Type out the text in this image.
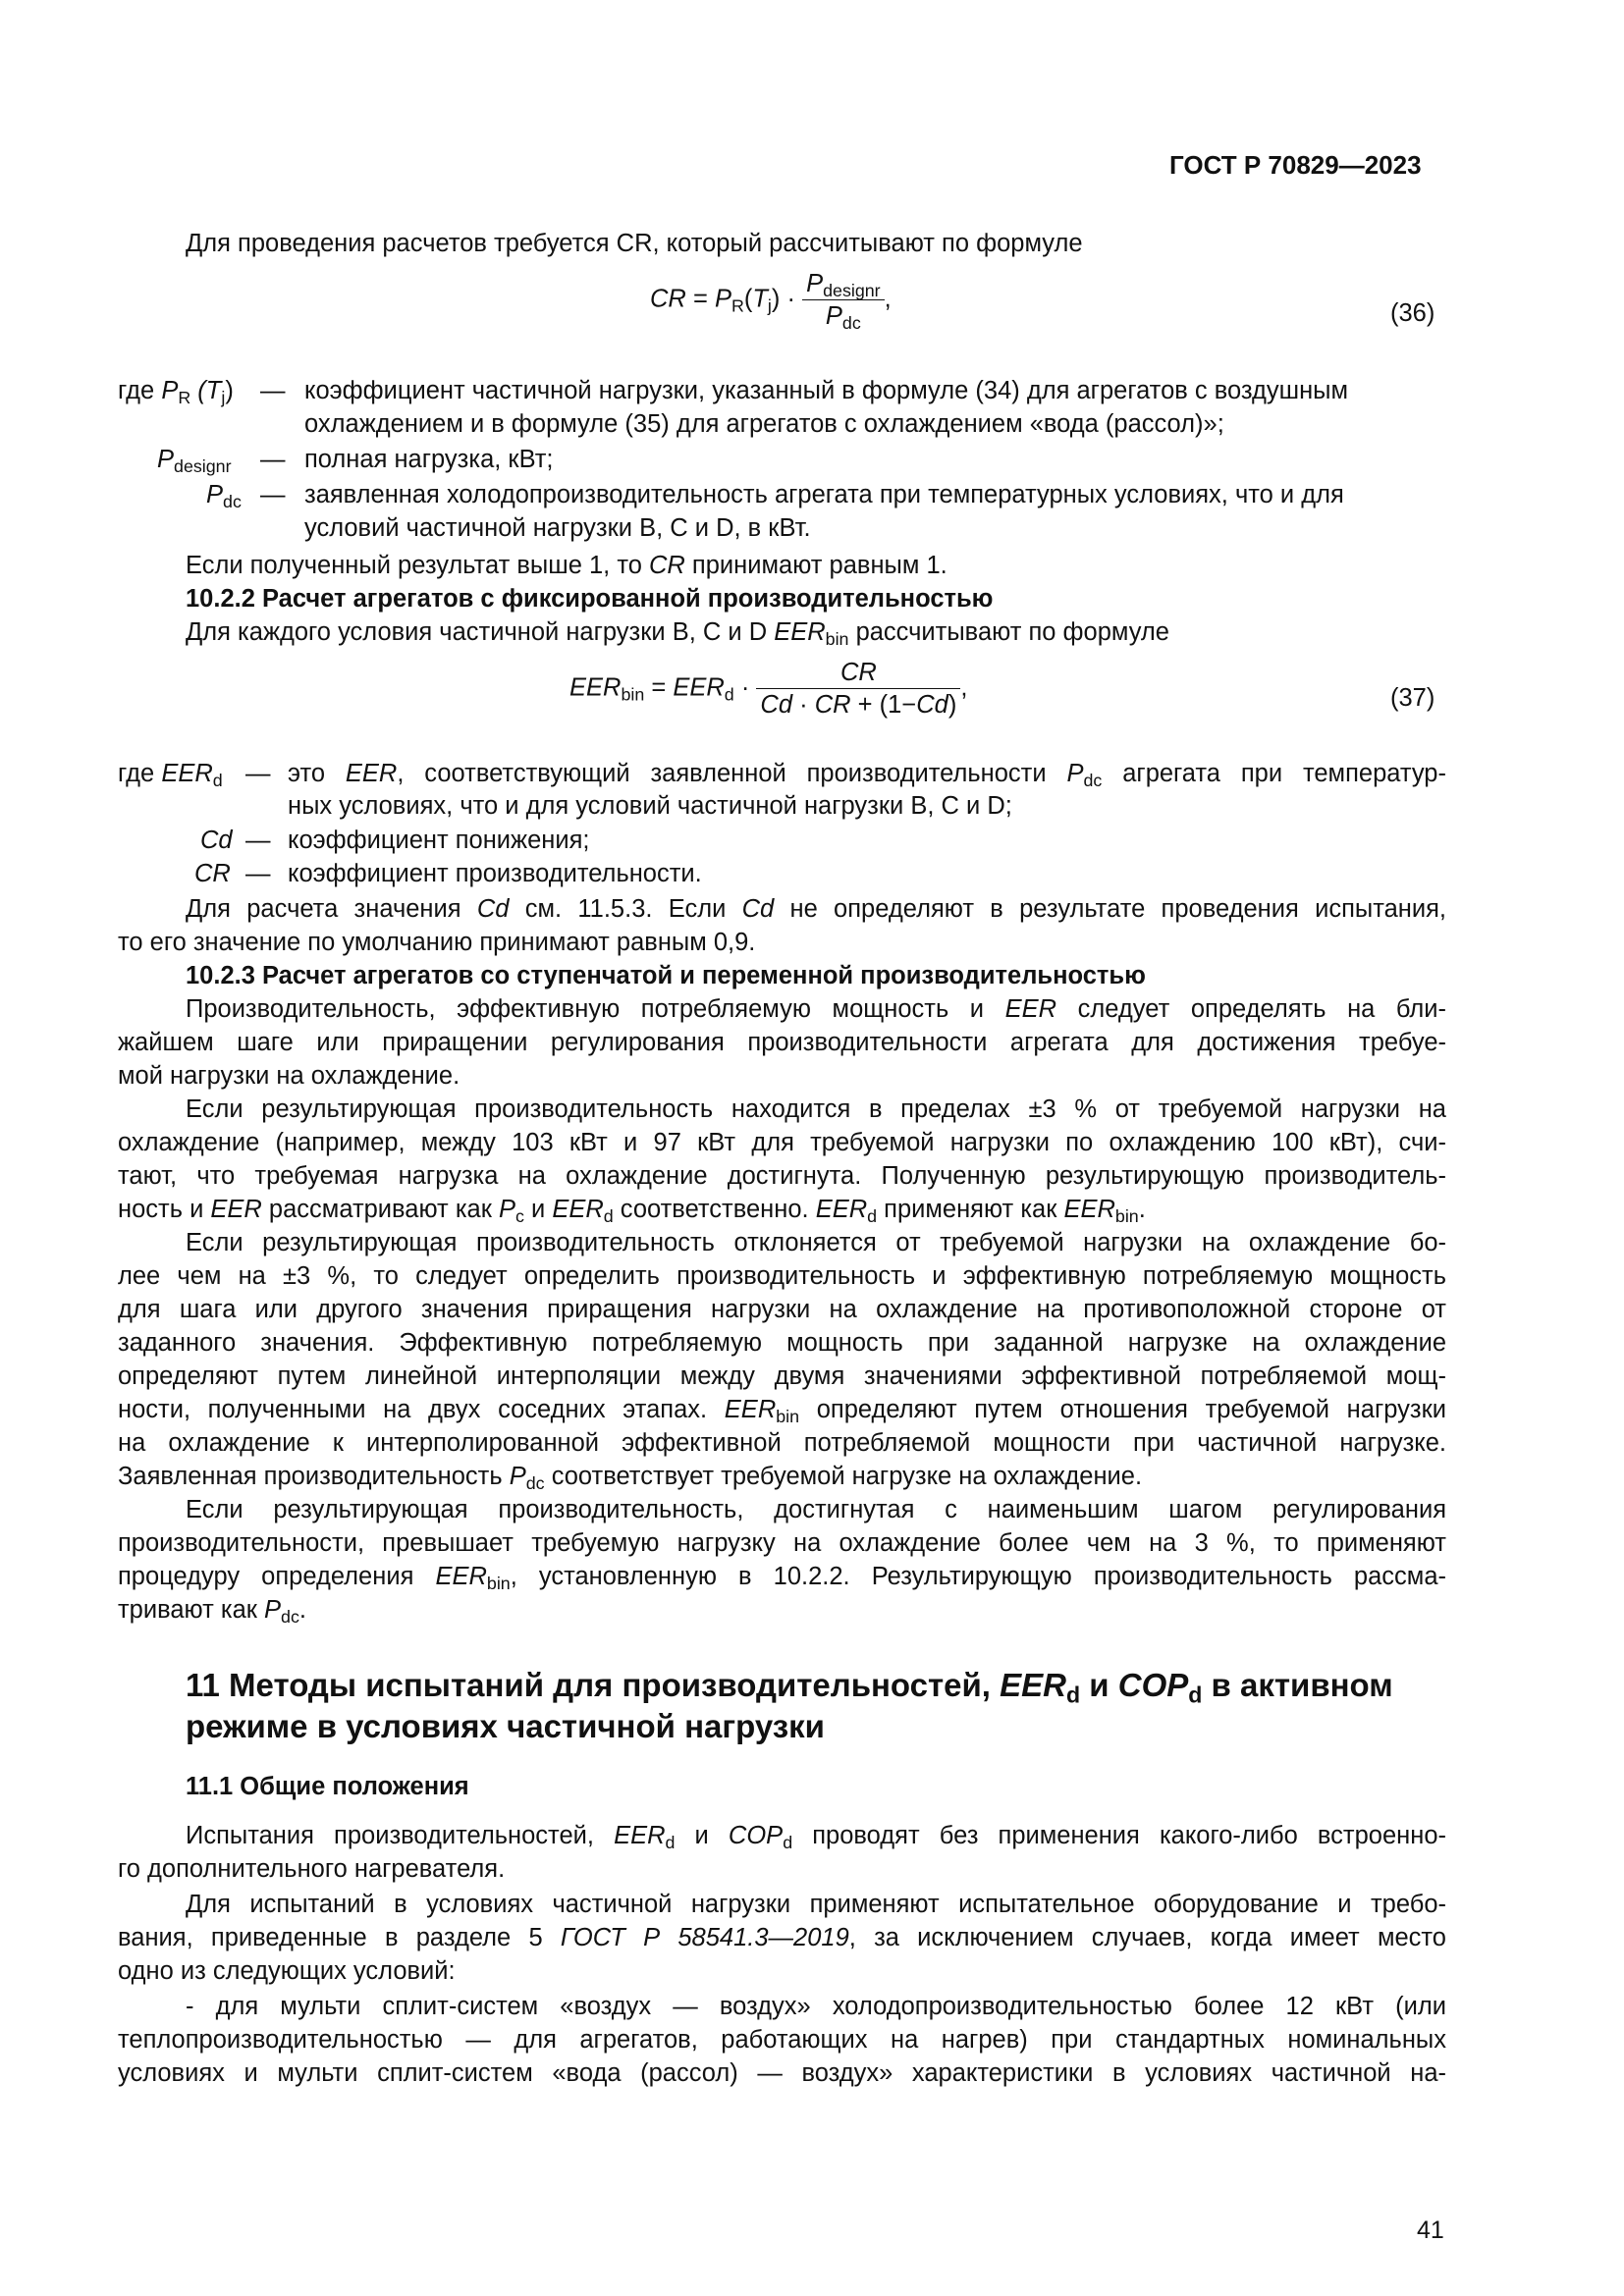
ГОСТ Р 70829—2023
Для проведения расчетов требуется CR, который рассчитывают по формуле
CR = $P_R(T_j) \cdot \frac{P_{designr}}{P_{dc}}$ ,
(36)
где $P_R$ $(T_j)$ — коэффициент частичной нагрузки, указанный в формуле (34) для агрегатов с воздушным
охлаждением и в формуле (35) для агрегатов с охлаждением «вода (рассол)»;
$P_{designr}$ — полная нагрузка, кВт;
$P_{dc}$ — заявленная холодопроизводительность агрегата при температурных условиях, что и для
условий частичной нагрузки B, C и D, в кВт.
Если полученный результат выше 1, то CR принимают равным 1.
10.2.2 Расчет агрегатов с фиксированной производительностью
Для каждого условия частичной нагрузки B, C и D $EER_{bin}$ рассчитывают по формуле
$EER_{bin} = EER_d \cdot \frac{CR}{Cd \cdot CR + (1-Cd)}$ ,	(37)
где $EER_d$ — это EER, соответствующий заявленной производительности $P_{dc}$ агрегата при температур-
ных условиях, что и для условий частичной нагрузки B, C и D;
Cd — коэффициент понижения;
CR — коэффициент производительности.
Для расчета значения Cd см. 11.5.3. Если Cd не определяют в результате проведения испытания,
то его значение по умолчанию принимают равным 0,9.
10.2.3 Расчет агрегатов со ступенчатой и переменной производительностью
Производительность, эффективную потребляемую мощность и EER следует определять на бли-
жайшем шаге или приращении регулирования производительности агрегата для достижения требуе-
мой нагрузки на охлаждение.
Если результирующая производительность находится в пределах ±3 % от требуемой нагрузки на
охлаждение (например, между 103 кВт и 97 кВт для требуемой нагрузки по охлаждению 100 кВт), счи-
тают, что требуемая нагрузка на охлаждение достигнута. Полученную результирующую производитель-
ность и EER рассматривают как $P_c$ и $EER_d$ соответственно. $EER_d$ применяют как $EER_{bin}$.
Если результирующая производительность отклоняется от требуемой нагрузки на охлаждение бо-
лее чем на ±3 %, то следует определить производительность и эффективную потребляемую мощность
для шага или другого значения приращения нагрузки на охлаждение на противоположной стороне от
заданного значения. Эффективную потребляемую мощность при заданной нагрузке на охлаждение
определяют путем линейной интерполяции между двумя значениями эффективной потребляемой мощ-
ности, полученными на двух соседних этапах. $EER_{bin}$ определяют путем отношения требуемой нагрузки
на охлаждение к интерполированной эффективной потребляемой мощности при частичной нагрузке.
Заявленная производительность $P_{dc}$ соответствует требуемой нагрузке на охлаждение.
Если результирующая производительность, достигнутая с наименьшим шагом регулирования
производительности, превышает требуемую нагрузку на охлаждение более чем на 3 %, то применяют
процедуру определения $EER_{bin}$, установленную в 10.2.2. Результирующую производительность рассма-
тривают как $P_{dc}$.
11 Методы испытаний для производительностей, $EER_d$ и $COP_d$ в активном
режиме в условиях частичной нагрузки
11.1 Общие положения
Испытания производительностей, $EER_d$ и $COP_d$ проводят без применения какого-либо встроенно-
го дополнительного нагревателя.
Для испытаний в условиях частичной нагрузки применяют испытательное оборудование и требо-
вания, приведенные в разделе 5 ГОСТ Р 58541.3—2019, за исключением случаев, когда имеет место
одно из следующих условий:
- для мульти сплит-систем «воздух — воздух» холодопроизводительностью более 12 кВт (или
теплопроизводительностью — для агрегатов, работающих на нагрев) при стандартных номинальных
условиях и мульти сплит-систем «вода (рассол) — воздух» характеристики в условиях частичной на-
41
